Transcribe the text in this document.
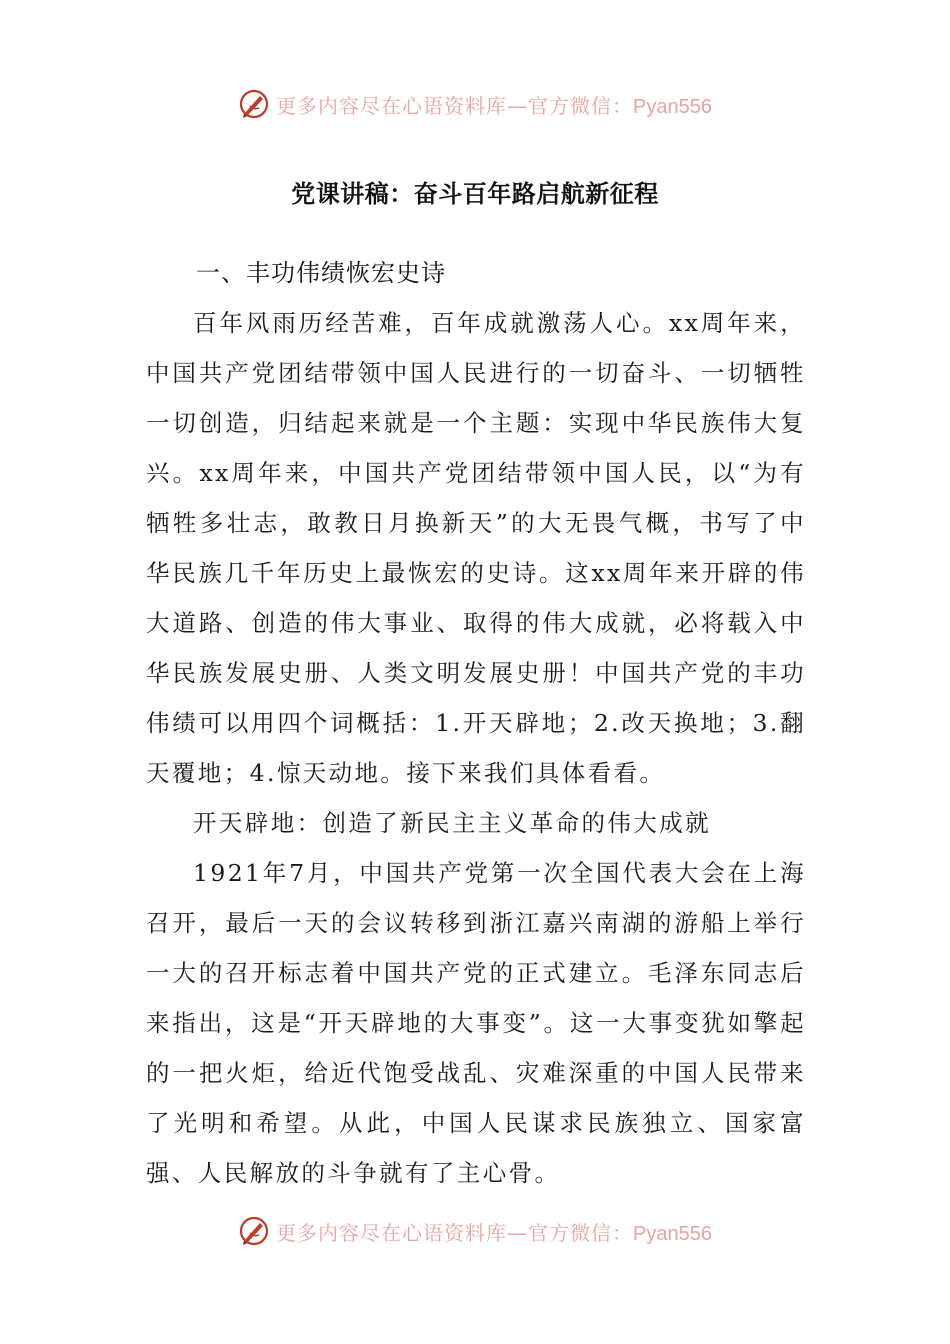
更多内容尽在心语资料库—官方微信：Pyan556
党课讲稿：奋斗百年路启航新征程
一、丰功伟绩恢宏史诗

百年风雨历经苦难，百年成就激荡人心。xx周年来，中国共产党团结带领中国人民进行的一切奋斗、一切牺牲一切创造，归结起来就是一个主题：实现中华民族伟大复兴。xx周年来，中国共产党团结带领中国人民，以“为有牺牲多壮志，敢教日月换新天”的大无畏气概，书写了中华民族几千年历史上最恢宏的史诗。这xx周年来开辟的伟大道路、创造的伟大事业、取得的伟大成就，必将载入中华民族发展史册、人类文明发展史册！中国共产党的丰功伟绩可以用四个词概括：1.开天辟地；2.改天换地；3.翻天覆地；4.惊天动地。接下来我们具体看看。

开天辟地：创造了新民主主义革命的伟大成就

1921年7月，中国共产党第一次全国代表大会在上海召开，最后一天的会议转移到浙江嘉兴南湖的游船上举行一大的召开标志着中国共产党的正式建立。毛泽东同志后来指出，这是“开天辟地的大事变”。这一大事变犹如擎起的一把火炬，给近代饱受战乱、灾难深重的中国人民带来了光明和希望。从此，中国人民谋求民族独立、国家富强、人民解放的斗争就有了主心骨。

更多内容尽在心语资料库—官方微信：Pyan556
